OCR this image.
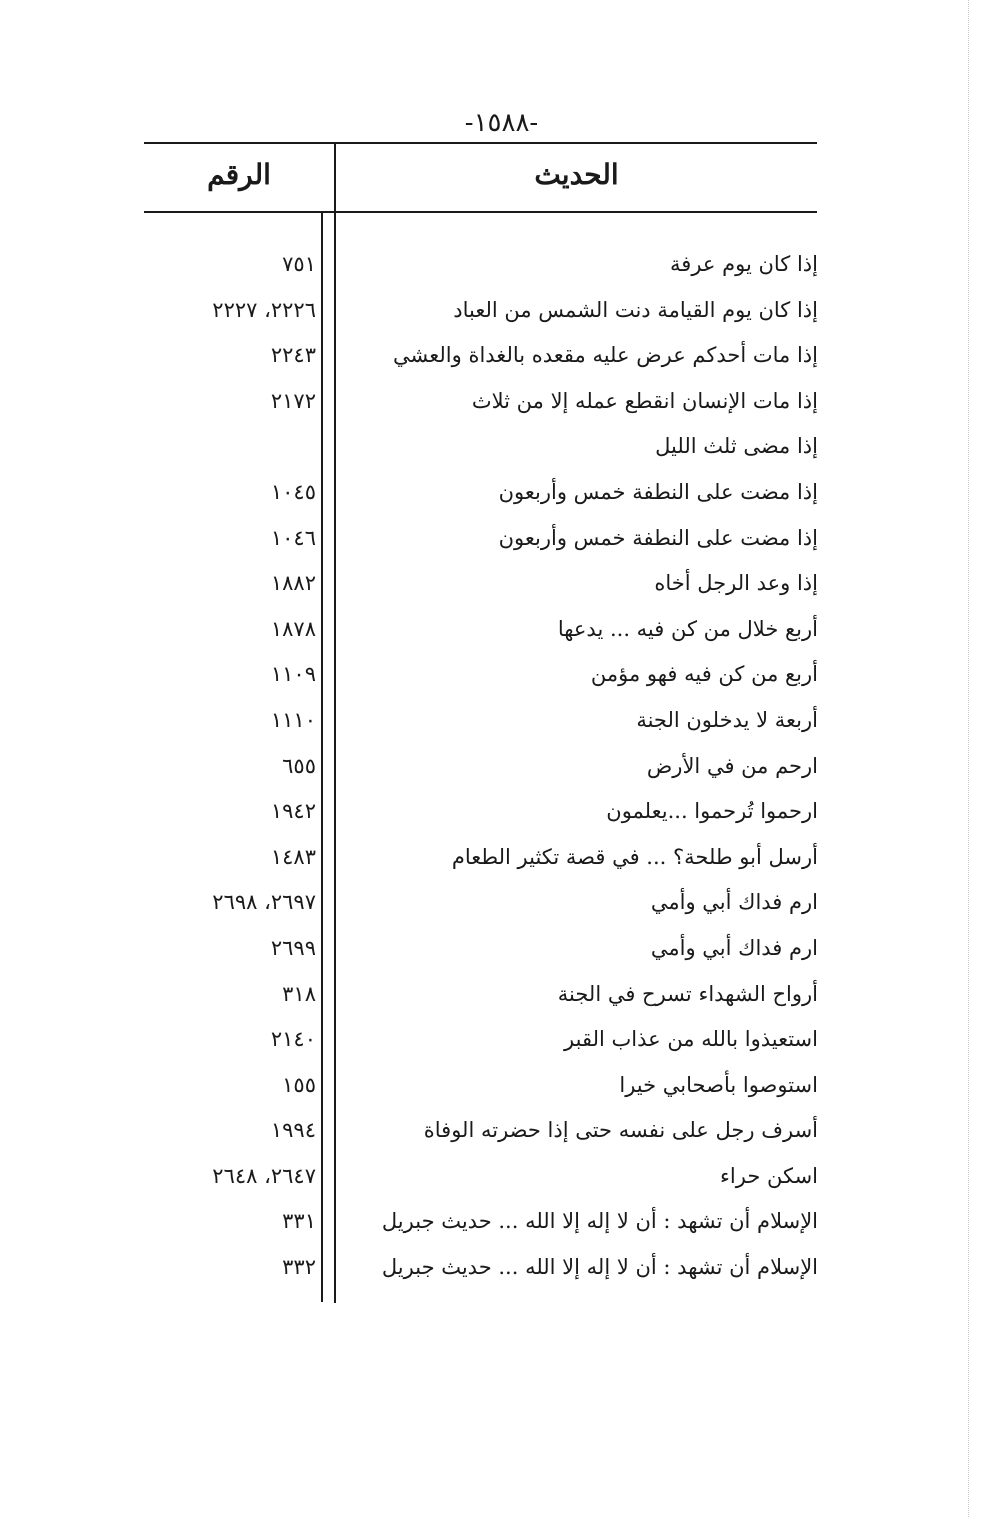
-١٥٨٨-
الحديث
الرقم
إذا كان يوم عرفة
٧٥١
إذا كان يوم القيامة دنت الشمس من العباد
٢٢٢٦، ٢٢٢٧
إذا مات أحدكم عرض عليه مقعده بالغداة والعشي
٢٢٤٣
إذا مات الإنسان انقطع عمله إلا من ثلاث
٢١٧٢
إذا مضى ثلث الليل
إذا مضت على النطفة خمس وأربعون
١٠٤٥
إذا مضت على النطفة خمس وأربعون
١٠٤٦
إذا وعد الرجل أخاه
١٨٨٢
أربع خلال من كن فيه ... يدعها
١٨٧٨
أربع من كن فيه فهو مؤمن
١١٠٩
أربعة لا يدخلون الجنة
١١١٠
ارحم من في الأرض
٦٥٥
ارحموا تُرحموا ...يعلمون
١٩٤٢
أرسل أبو طلحة؟ ... في قصة تكثير الطعام
١٤٨٣
ارم فداك أبي وأمي
٢٦٩٧، ٢٦٩٨
ارم فداك أبي وأمي
٢٦٩٩
أرواح الشهداء تسرح في الجنة
٣١٨
استعيذوا بالله من عذاب القبر
٢١٤٠
استوصوا بأصحابي خيرا
١٥٥
أسرف رجل على نفسه حتى إذا حضرته الوفاة
١٩٩٤
اسكن حراء
٢٦٤٧، ٢٦٤٨
الإسلام أن تشهد : أن لا إله إلا الله ... حديث جبريل
٣٣١
الإسلام أن تشهد : أن لا إله إلا الله ... حديث جبريل
٣٣٢
